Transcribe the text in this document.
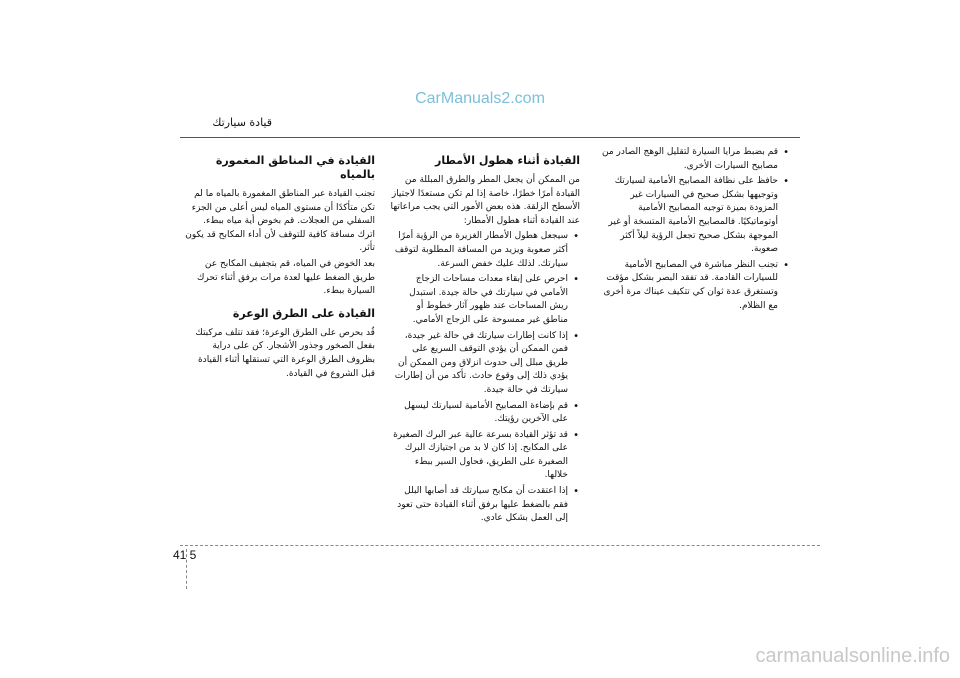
CarManuals2.com
قيادة سيارتك
• قم بضبط مرايا السيارة لتقليل الوهج الصادر من مصابيح السيارات الأخرى.
• حافظ على نظافة المصابيح الأمامية لسيارتك وتوجيهها بشكل صحيح في السيارات غير المزودة بميزة توجيه المصابيح الأمامية أوتوماتيكيًا. فالمصابيح الأمامية المتسخة أو غير الموجهة بشكل صحيح تجعل الرؤية ليلاً أكثر صعوبة.
• تجنب النظر مباشرة في المصابيح الأمامية للسيارات القادمة. قد تفقد البصر بشكل مؤقت وتستغرق عدة ثوان كي تتكيف عيناك مرة أخرى مع الظلام.
القيادة أثناء هطول الأمطار

من الممكن أن يجعل المطر والطرق المبللة من القيادة أمرًا خطرًا، خاصة إذا لم تكن مستعدًا لاجتياز الأسطح الزلقة. هذه بعض الأمور التي يجب مراعاتها عند القيادة أثناء هطول الأمطار:

• سيجعل هطول الأمطار الغزيرة من الرؤية أمرًا أكثر صعوبة ويزيد من المسافة المطلوبة لتوقف سيارتك. لذلك عليك خفض السرعة.
• احرص على إبقاء معدات مساحات الزجاج الأمامي في سيارتك في حالة جيدة. استبدل ريش المساحات عند ظهور آثار خطوط أو مناطق غير ممسوحة على الزجاج الأمامي.
• إذا كانت إطارات سيارتك في حالة غير جيدة، فمن الممكن أن يؤدي التوقف السريع على طريق مبلل إلى حدوث انزلاق ومن الممكن أن يؤدي ذلك إلى وقوع حادث. تأكد من أن إطارات سيارتك في حالة جيدة.
• قم بإضاءة المصابيح الأمامية لسيارتك ليسهل على الآخرين رؤيتك.
• قد تؤثر القيادة بسرعة عالية عبر البرك الصغيرة على المكابح. إذا كان لا بد من اجتيازك البرك الصغيرة على الطريق، فحاول السير ببطء خلالها.
• إذا اعتقدت أن مكابح سيارتك قد أصابها البلل فقم بالضغط عليها برفق أثناء القيادة حتى تعود إلى العمل بشكل عادي.
القيادة في المناطق المغمورة بالمياه

تجنب القيادة عبر المناطق المغمورة بالمياه ما لم تكن متأكدًا أن مستوى المياه ليس أعلى من الجزء السفلي من العجلات. قم بخوض أية مياه ببطء. اترك مسافة كافية للتوقف لأن أداء المكابح قد يكون تأثر.

بعد الخوض في المياه، قم بتجفيف المكابح عن طريق الضغط عليها لعدة مرات برفق أثناء تحرك السيارة ببطء.

القيادة على الطرق الوعرة

قُد بحرص على الطرق الوعرة؛ فقد تتلف مركبتك بفعل الصخور وجذور الأشجار. كن على دراية بظروف الطرق الوعرة التي تستقلها أثناء القيادة قبل الشروع في القيادة.

41 5
carmanualsonline.info
